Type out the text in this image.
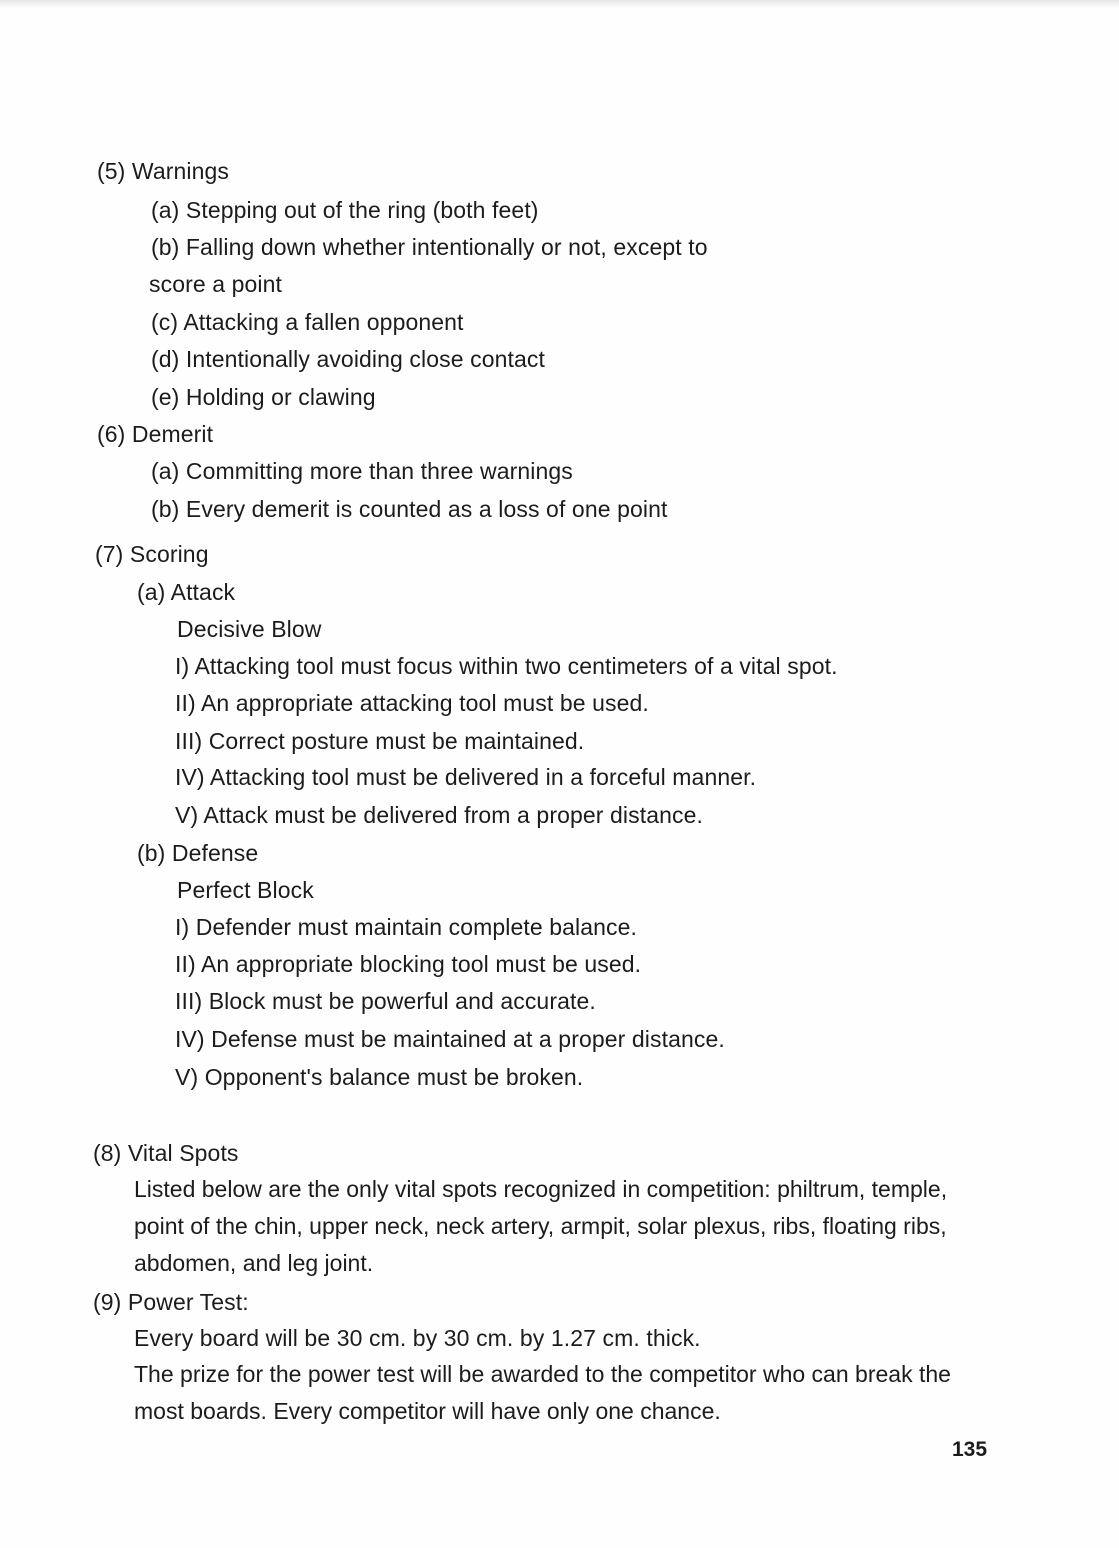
(5) Warnings
(a) Stepping out of the ring (both feet)
(b) Falling down whether intentionally or not, except to
score a point
(c) Attacking a fallen opponent
(d) Intentionally avoiding close contact
(e) Holding or clawing
(6) Demerit
(a) Committing more than three warnings
(b) Every demerit is counted as a loss of one point
(7) Scoring
(a) Attack
Decisive Blow
I) Attacking tool must focus within two centimeters of a vital spot.
II) An appropriate attacking tool must be used.
III) Correct posture must be maintained.
IV) Attacking tool must be delivered in a forceful manner.
V) Attack must be delivered from a proper distance.
(b) Defense
Perfect Block
I) Defender must maintain complete balance.
II) An appropriate blocking tool must be used.
III) Block must be powerful and accurate.
IV) Defense must be maintained at a proper distance.
V) Opponent's balance must be broken.
(8) Vital Spots
Listed below are the only vital spots recognized in competition: philtrum, temple, point of the chin, upper neck, neck artery, armpit, solar plexus, ribs, floating ribs, abdomen, and leg joint.
(9) Power Test:
Every board will be 30 cm. by 30 cm. by 1.27 cm. thick.
The prize for the power test will be awarded to the competitor who can break the most boards. Every competitor will have only one chance.
135
